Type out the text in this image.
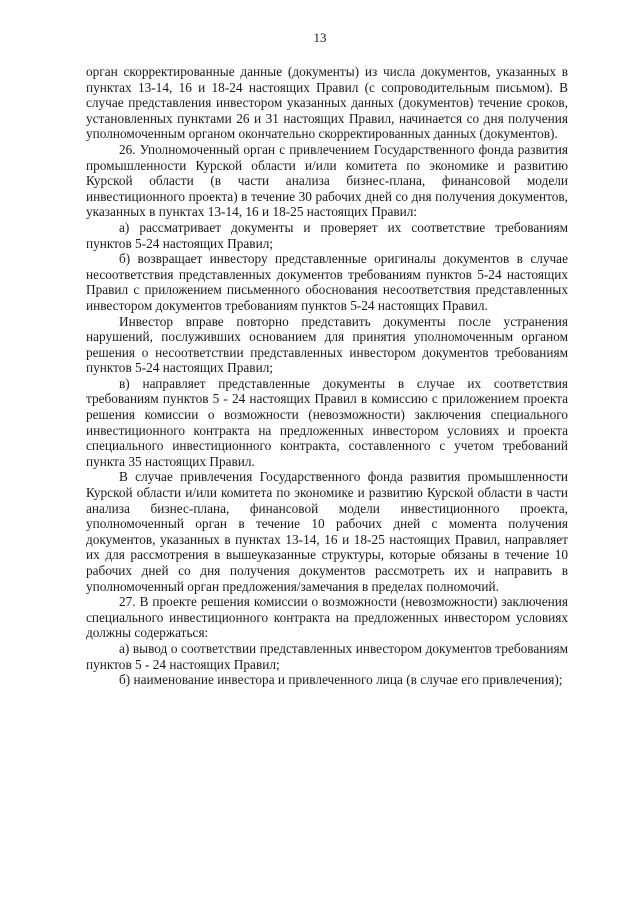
13

орган скорректированные данные (документы) из числа документов, указанных в пунктах 13-14, 16 и 18-24 настоящих Правил (с сопроводительным письмом). В случае представления инвестором указанных данных (документов) течение сроков, установленных пунктами 26 и 31 настоящих Правил, начинается со дня получения уполномоченным органом окончательно скорректированных данных (документов).

26. Уполномоченный орган с привлечением Государственного фонда развития промышленности Курской области и/или комитета по экономике и развитию Курской области (в части анализа бизнес-плана, финансовой модели инвестиционного проекта) в течение 30 рабочих дней со дня получения документов, указанных в пунктах 13-14, 16 и 18-25 настоящих Правил:

а) рассматривает документы и проверяет их соответствие требованиям пунктов 5-24 настоящих Правил;

б) возвращает инвестору представленные оригиналы документов в случае несоответствия представленных документов требованиям пунктов 5-24 настоящих Правил с приложением письменного обоснования несоответствия представленных инвестором документов требованиям пунктов 5-24 настоящих Правил.

Инвестор вправе повторно представить документы после устранения нарушений, послуживших основанием для принятия уполномоченным органом решения о несоответствии представленных инвестором документов требованиям пунктов 5-24 настоящих Правил;

в) направляет представленные документы в случае их соответствия требованиям пунктов 5 - 24 настоящих Правил в комиссию с приложением проекта решения комиссии о возможности (невозможности) заключения специального инвестиционного контракта на предложенных инвестором условиях и проекта специального инвестиционного контракта, составленного с учетом требований пункта 35 настоящих Правил.

В случае привлечения Государственного фонда развития промышленности Курской области и/или комитета по экономике и развитию Курской области в части анализа бизнес-плана, финансовой модели инвестиционного проекта, уполномоченный орган в течение 10 рабочих дней с момента получения документов, указанных в пунктах 13-14, 16 и 18-25 настоящих Правил, направляет их для рассмотрения в вышеуказанные структуры, которые обязаны в течение 10 рабочих дней со дня получения документов рассмотреть их и направить в уполномоченный орган предложения/замечания в пределах полномочий.

27. В проекте решения комиссии о возможности (невозможности) заключения специального инвестиционного контракта на предложенных инвестором условиях должны содержаться:

а) вывод о соответствии представленных инвестором документов требованиям пунктов 5 - 24 настоящих Правил;

б) наименование инвестора и привлеченного лица (в случае его привлечения);
